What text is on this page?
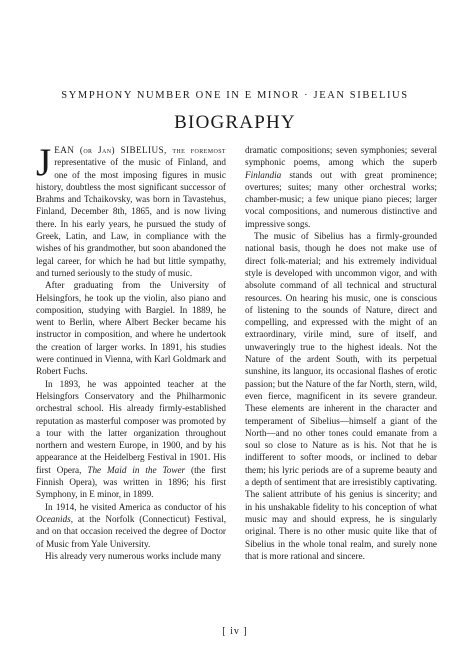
SYMPHONY NUMBER ONE IN E MINOR · JEAN SIBELIUS
BIOGRAPHY

JEAN (or Jan) SIBELIUS, the foremost representative of the music of Finland, and one of the most imposing figures in music history, doubtless the most significant successor of Brahms and Tchaikovsky, was born in Tavastehus, Finland, December 8th, 1865, and is now living there. In his early years, he pursued the study of Greek, Latin, and Law, in compliance with the wishes of his grandmother, but soon abandoned the legal career, for which he had but little sympathy, and turned seriously to the study of music.

After graduating from the University of Helsingfors, he took up the violin, also piano and composition, studying with Bargiel. In 1889, he went to Berlin, where Albert Becker became his instructor in composition, and where he undertook the creation of larger works. In 1891, his studies were continued in Vienna, with Karl Goldmark and Robert Fuchs.

In 1893, he was appointed teacher at the Helsingfors Conservatory and the Philharmonic orchestral school. His already firmly-established reputation as masterful composer was promoted by a tour with the latter organization throughout northern and western Europe, in 1900, and by his appearance at the Heidelberg Festival in 1901. His first Opera, The Maid in the Tower (the first Finnish Opera), was written in 1896; his first Symphony, in E minor, in 1899.

In 1914, he visited America as conductor of his Oceanids, at the Norfolk (Connecticut) Festival, and on that occasion received the degree of Doctor of Music from Yale University.

His already very numerous works include many

dramatic compositions; seven symphonies; several symphonic poems, among which the superb Finlandia stands out with great prominence; overtures; suites; many other orchestral works; chamber-music; a few unique piano pieces; larger vocal compositions, and numerous distinctive and impressive songs.

The music of Sibelius has a firmly-grounded national basis, though he does not make use of direct folk-material; and his extremely individual style is developed with uncommon vigor, and with absolute command of all technical and structural resources. On hearing his music, one is conscious of listening to the sounds of Nature, direct and compelling, and expressed with the might of an extraordinary, virile mind, sure of itself, and unwaveringly true to the highest ideals. Not the Nature of the ardent South, with its perpetual sunshine, its languor, its occasional flashes of erotic passion; but the Nature of the far North, stern, wild, even fierce, magnificent in its severe grandeur. These elements are inherent in the character and temperament of Sibelius—himself a giant of the North—and no other tones could emanate from a soul so close to Nature as is his. Not that he is indifferent to softer moods, or inclined to debar them; his lyric periods are of a supreme beauty and a depth of sentiment that are irresistibly captivating. The salient attribute of his genius is sincerity; and in his unshakable fidelity to his conception of what music may and should express, he is singularly original. There is no other music quite like that of Sibelius in the whole tonal realm, and surely none that is more rational and sincere.

[ iv ]
